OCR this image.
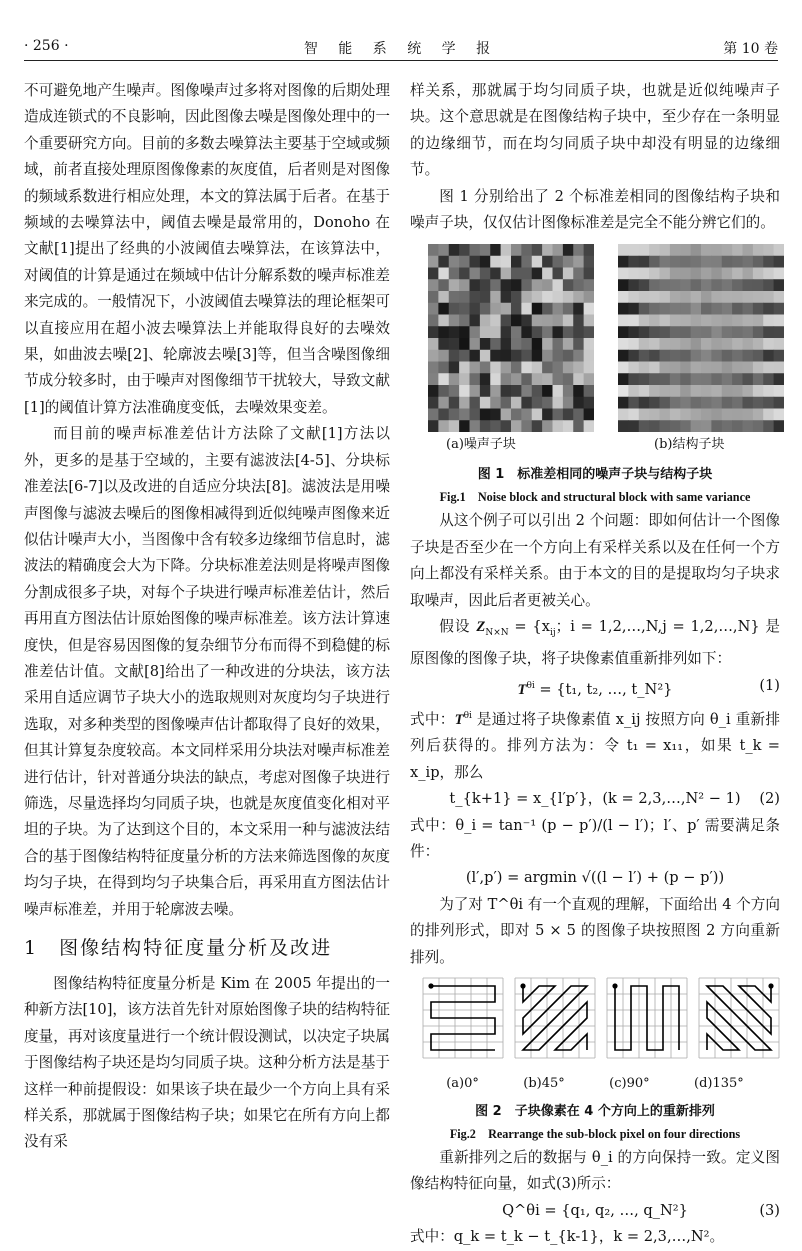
· 256 ·	智 能 系 统 学 报	第 10 卷

不可避免地产生噪声。图像噪声过多将对图像的后期处理造成连锁式的不良影响，因此图像去噪是图像处理中的一个重要研究方向。目前的多数去噪算法主要基于空域或频域，前者直接处理原图像像素的灰度值，后者则是对图像的频域系数进行相应处理，本文的算法属于后者。在基于频域的去噪算法中，阈值去噪是最常用的，Donoho 在文献[1]提出了经典的小波阈值去噪算法，在该算法中，对阈值的计算是通过在频域中估计分解系数的噪声标准差来完成的。一般情况下，小波阈值去噪算法的理论框架可以直接应用在超小波去噪算法上并能取得良好的去噪效果，如曲波去噪[2]、轮廓波去噪[3]等，但当含噪图像细节成分较多时，由于噪声对图像细节干扰较大，导致文献[1]的阈值计算方法准确度变低，去噪效果变差。

而目前的噪声标准差估计方法除了文献[1]方法以外，更多的是基于空域的，主要有滤波法[4-5]、分块标准差法[6-7]以及改进的自适应分块法[8]。滤波法是用噪声图像与滤波去噪后的图像相减得到近似纯噪声图像来近似估计噪声大小，当图像中含有较多边缘细节信息时，滤波法的精确度会大为下降。分块标准差法则是将噪声图像分割成很多子块，对每个子块进行噪声标准差估计，然后再用直方图法估计原始图像的噪声标准差。该方法计算速度快，但是容易因图像的复杂细节分布而得不到稳健的标准差估计值。文献[8]给出了一种改进的分块法，该方法采用自适应调节子块大小的选取规则对灰度均匀子块进行选取，对多种类型的图像噪声估计都取得了良好的效果，但其计算复杂度较高。本文同样采用分块法对噪声标准差进行估计，针对普通分块法的缺点，考虑对图像子块进行筛选，尽量选择均匀同质子块，也就是灰度值变化相对平坦的子块。为了达到这个目的，本文采用一种与滤波法结合的基于图像结构特征度量分析的方法来筛选图像的灰度均匀子块，在得到均匀子块集合后，再采用直方图法估计噪声标准差，并用于轮廓波去噪。

1　图像结构特征度量分析及改进

图像结构特征度量分析是 Kim 在 2005 年提出的一种新方法[10]，该方法首先针对原始图像子块的结构特征度量，再对该度量进行一个统计假设测试，以决定子块属于图像结构子块还是均匀同质子块。这种分析方法是基于这样一种前提假设：如果该子块在最少一个方向上具有采样关系，那就属于图像结构子块；如果它在所有方向上都没有采

样关系，那就属于均匀同质子块，也就是近似纯噪声子块。这个意思就是在图像结构子块中，至少存在一条明显的边缘细节，而在均匀同质子块中却没有明显的边缘细节。

图 1 分别给出了 2 个标准差相同的图像结构子块和噪声子块，仅仅估计图像标准差是完全不能分辨它们的。

(a)噪声子块	(b)结构子块
图 1　标准差相同的噪声子块与结构子块
Fig.1　Noise block and structural block with same variance

从这个例子可以引出 2 个问题：即如何估计一个图像子块是否至少在一个方向上有采样关系以及在任何一个方向上都没有采样关系。由于本文的目的是提取均匀子块求取噪声，因此后者更被关心。

假设 $Z_{N\times N} = \{x_{ij}$；i = 1,2,…,N,j = 1,2,…,N} 是原图像的图像子块，将子块像素值重新排列如下：

$T^{\theta i} = \{t_1$, t₂, …, t_N²}	(1)

式中：$T^{\theta i}$ 是通过将子块像素值 x_ij 按照方向 θ_i 重新排列后获得的。排列方法为：令 t₁ = x₁₁，如果 t_k = x_ip，那么

t_{k+1} = x_{l′p′}，(k = 2,3,…,N² − 1) (2)

式中：θ_i = tan⁻¹ (p − p′)/(l − l′)；l′、p′ 需要满足条件：

(l′,p′) = argmin √((l − l′) + (p − p′))

为了对 T^θi 有一个直观的理解，下面给出 4 个方向的排列形式，即对 5 × 5 的图像子块按照图 2 方向重新排列。

(a)0°	(b)45°	(c)90°	(d)135°
图 2　子块像素在 4 个方向上的重新排列
Fig.2　Rearrange the sub-block pixel on four directions

重新排列之后的数据与 θ_i 的方向保持一致。定义图像结构特征向量，如式(3)所示：

Q^θi = {q₁, q₂, …, q_N²}	(3)

式中：q_k = t_k − t_{k-1}，k = 2,3,…,N²。
